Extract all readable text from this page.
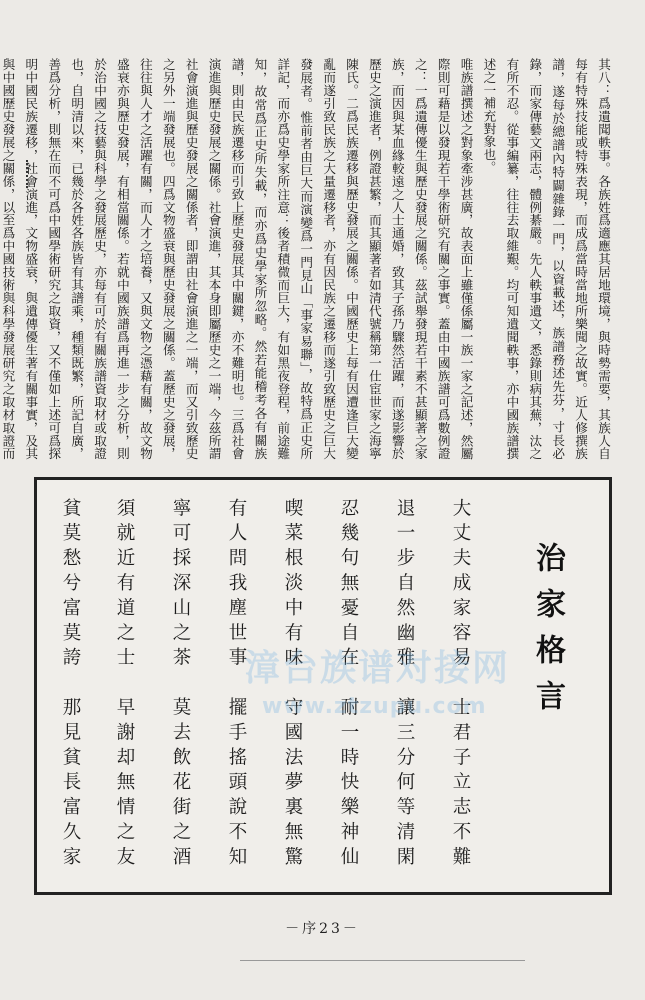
其八：爲遺聞軼事。各族姓爲適應其居地環境，與時勢需要，其族人自每有特殊技能或特殊表現，而成爲當時當地所樂聞之故實。近人修撰族譜，遂每於總譜內特闢雜錄一門，以資載述，族譜務述先芬，寸長必錄，而家傳藝文兩志，體例綦嚴。先人軼事遺文，悉錄則病其蕪，汰之有所不忍。從事編纂，往往去取維艱。均可知遺聞軼事，亦中國族譜撰述之一補充對象也。

唯族譜撰述之對象牽涉甚廣，故表面上雖僅係屬一族一家之記述，然屬際則可藉是以發現若干學術研究有關之事實。蓋由中國族譜可爲數例證之：一爲遺傳優生與歷史發展之關係。茲試舉發現若干素不甚顯著之家族，而因與某血緣較遠之人士通婚，致其子孫乃驟然活躍，而遂影響於歷史之演進者，例證甚繁，而其顯著者如清代號稱第一仕宦世家之海寧陳氏。二爲民族遷移與歷史發展之關係。中國歷史上每有因遭逢巨大變亂而遂引致民族之大量遷移者，亦有因民族之遷移而遂引致歷史之巨大發展者。惟前者由巨大而演變爲一門見山「事家易聯」，故特爲正史所詳記，而亦爲史學家所注意：後者積微而巨大，有如黑夜登程，前途難知，故常爲正史所失載，而亦爲史學家所忽略。然若能稽考各有關族譜，則由民族遷移而引致上歷史發展其中關鍵，亦不難明也。三爲社會演進與歷史發展之關係。社會演進，其本身即屬歷史之一端，今茲所謂社會演進與歷史發展之關係者，即謂由社會演進之一端，而又引致歷史之另外一端發展也。四爲文物盛衰與歷史發展之關係。蓋歷史之發展，往往與人才之活躍有關，而人才之培養，又與文物之憑藉有關，故文物盛衰亦與歷史發展，有相當關係。若就中國族譜爲再進一步之分析，則於治中國之技藝與科學之發展歷史，亦每有可於有關族譜資取材或取證也，自明清以來，已幾於各姓各族皆有其譜乘，種類既繁，所記自廣，善爲分析，則無在而不可爲中國學術研究之取資，又不僅如上述可爲探明中國民族遷移，社會演進，文物盛衰，與遺傳優生著有關事實，及其與中國歷史發展之關係，以至爲中國技術與科學發展研究之取材取證而

治家格言
大丈夫成家容易　士君子立志不難
退一步自然幽雅　讓三分何等清閑
忍幾句無憂自在　耐一時快樂神仙
喫菜根淡中有味　守國法夢裏無驚
有人問我塵世事　擺手搖頭說不知
寧可採深山之茶　莫去飲花街之酒
須就近有道之士　早謝却無情之友
貧莫愁兮富莫誇　那見貧長富久家	漳台族谱对接网
www.ztzupu.com
－序23－
